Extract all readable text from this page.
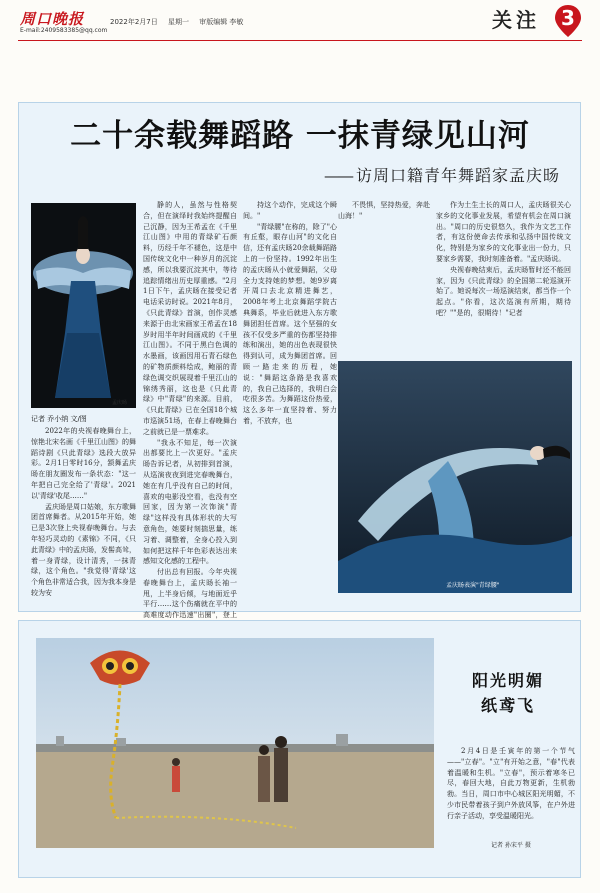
周口晚报
E-mail:2409583385@qq.com
2022年2月7日 星期一 审版编辑 李敏	关注	3
二十余载舞蹈路 一抹青绿见山河
—— 访周口籍青年舞蹈家孟庆旸
孟庆旸
记者 乔小纳 文/图

2022年的央视春晚舞台上，惊艳北宋名画《千里江山图》的舞蹈诗剧《只此青绿》选段大放异彩。2月1日零时16分，颔舞孟庆旸在朋友圈发布一条状态："这一年把自己完全给了'青绿'。2021以'青绿'收尾……"

孟庆旸是周口姑娘，东方歌舞团首席舞者。从2015年开始，她已是3次登上央视春晚舞台。与去年轻巧灵动的《素锦》不同，《只此青绿》中的孟庆旸，发髻高耸，着一身青绿，设计清秀，一抹青绿，这个角色。"我觉得'青绿'这个角色非常适合我，因为我本身是较为安

静的人，虽然与性格契合，但在演绎时我始终提醒自己沉静，因为王希孟在《千里江山图》中用的青绿矿石颜料，历经千年不褪色，这是中国传统文化中一种岁月的沉淀感，所以我要沉淀其中，等待追踪情绪出历史厚重感。"2月1日下午，孟庆旸在接受记者电话采访时说。2021年8月，《只此青绿》首演，创作灵感来源于由北宋画家王希孟在18岁时用半年时间画成的《千里江山图》。不同于黑白色调的水墨画，该画因用石青石绿色的矿物质颜料绘成，鲍丽的青绿色调交织展现着千里江山的锦绣秀丽，这也是《只此青绿》中"青绿"的来源。目前，《只此青绿》已在全国18个城市巡演51场，在春上春晚舞台之前就已是一票难求。

"我永不知足，每一次演出都要比上一次更好。"孟庆旸告诉记者，从初排到首演，从巡演夜夜到进完春晚舞台，她在有几乎没有自己的时间，喜欢的电影没空看，也没有空回家，因为第一次饰演"青绿"这样没有具体形状的大写意角色，她要时刻揣思量，练习着、调整着，全身心投入到如何把这样千年色彩表达出来感知文化感的工程中。

付出总有回报。今年央视春晚舞台上，孟庆旸长袖一甩，上半身后倾，与地面近乎平行……这个伤痛就在平中的高难度动作迅速"出圈"，登上

持这个动作，完成这个瞬间。"

"青绿腰"在称的，除了"心有丘壑，眼存山河"的文化自信，还有孟庆旸20余载舞蹈路上的一份坚持。1992年出生的孟庆旸从小就爱舞蹈，父母全力支持她的梦想。她9岁离开周口去北京精进舞艺，2008年考上北京舞蹈学院古典舞系，毕业后就进入东方歌舞团担任首席。这个坚强的女孩不仅受多严重的伤都坚持排练和演出，她的出色表现很快得到认可，成为舞团首席。回顾一路走来的历程，她说："舞蹈这条路是我喜欢的，我自己选择的，我明白会吃很多苦。为舞蹈这份热爱，这么多年一直坚持着、努力着，不放弃，也

不畏惧，坚持热爱，奔赴山海！"

作为土生土长的周口人，孟庆旸很关心家乡的文化事业发展，希望有机会在周口演出。"周口的历史很悠久，我作为文艺工作者，有这份使命去传承和弘扬中国传统文化，特别是为家乡的文化事业出一份力，只要家乡需要，我时刻准备着。"孟庆旸说。

央视春晚结束后，孟庆旸暂时还不能回家，因为《只此青绿》的全国第二轮巡演开始了。她说每次一场巡演结束，都当作一个起点。"你看，这次巡演有所期，期待吧？""是的，很期待！"记者

孟庆旸表演"青绿腰"
阳光明媚
纸鸢飞

2月4日是壬寅年的第一个节气——"立春"。"立"有开始之意，"春"代表着温暖和生机。"立春"，预示着寒冬已尽，春回大地，自此万物更新，生机勃勃。当日，周口市中心城区阳光明媚，不少市民带着孩子到户外放风筝，在户外进行亲子活动，享受温暖阳光。

记者 孙宋平 摄
